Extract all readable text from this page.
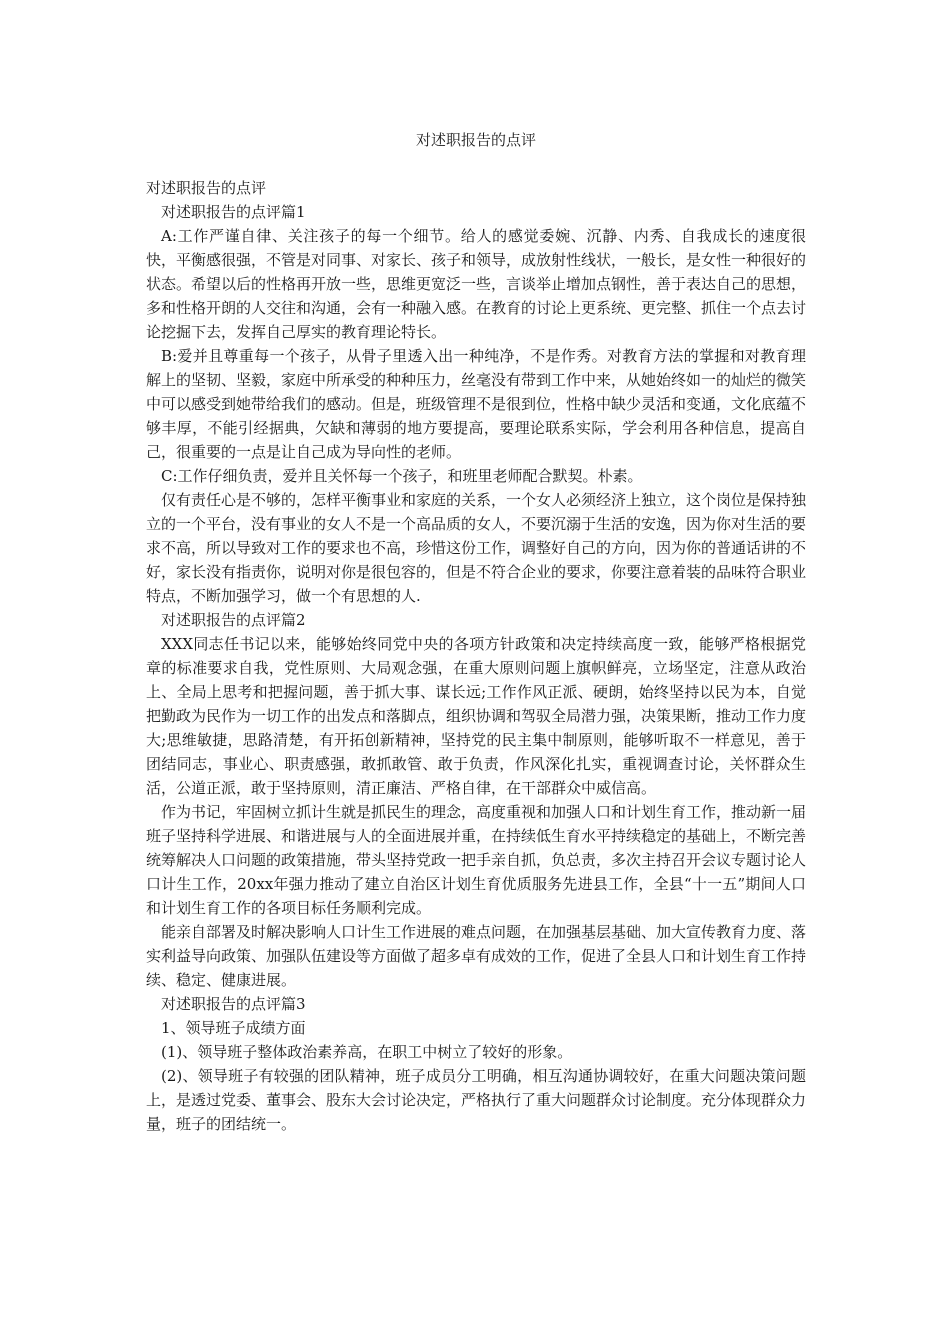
对述职报告的点评

对述职报告的点评

对述职报告的点评篇1

A:工作严谨自律、关注孩子的每一个细节。给人的感觉委婉、沉静、内秀、自我成长的速度很快，平衡感很强，不管是对同事、对家长、孩子和领导，成放射性线状，一般长，是女性一种很好的状态。希望以后的性格再开放一些，思维更宽泛一些，言谈举止增加点钢性，善于表达自己的思想，多和性格开朗的人交往和沟通，会有一种融入感。在教育的讨论上更系统、更完整、抓住一个点去讨论挖掘下去，发挥自己厚实的教育理论特长。

B:爱并且尊重每一个孩子，从骨子里透入出一种纯净，不是作秀。对教育方法的掌握和对教育理解上的坚韧、坚毅，家庭中所承受的种种压力，丝毫没有带到工作中来，从她始终如一的灿烂的微笑中可以感受到她带给我们的感动。但是，班级管理不是很到位，性格中缺少灵活和变通，文化底蕴不够丰厚，不能引经据典，欠缺和薄弱的地方要提高，要理论联系实际，学会利用各种信息，提高自己，很重要的一点是让自己成为导向性的老师。

C:工作仔细负责，爱并且关怀每一个孩子，和班里老师配合默契。朴素。

仅有责任心是不够的，怎样平衡事业和家庭的关系，一个女人必须经济上独立，这个岗位是保持独立的一个平台，没有事业的女人不是一个高品质的女人，不要沉溺于生活的安逸，因为你对生活的要求不高，所以导致对工作的要求也不高，珍惜这份工作，调整好自己的方向，因为你的普通话讲的不好，家长没有指责你，说明对你是很包容的，但是不符合企业的要求，你要注意着装的品味符合职业特点，不断加强学习，做一个有思想的人.

对述职报告的点评篇2

XXX同志任书记以来，能够始终同党中央的各项方针政策和决定持续高度一致，能够严格根据党章的标准要求自我，党性原则、大局观念强，在重大原则问题上旗帜鲜亮，立场坚定，注意从政治上、全局上思考和把握问题，善于抓大事、谋长远;工作作风正派、硬朗，始终坚持以民为本，自觉把勤政为民作为一切工作的出发点和落脚点，组织协调和驾驭全局潜力强，决策果断，推动工作力度大;思维敏捷，思路清楚，有开拓创新精神，坚持党的民主集中制原则，能够听取不一样意见，善于团结同志，事业心、职责感强，敢抓敢管、敢于负责，作风深化扎实，重视调查讨论，关怀群众生活，公道正派，敢于坚持原则，清正廉洁、严格自律，在干部群众中威信高。

作为书记，牢固树立抓计生就是抓民生的理念，高度重视和加强人口和计划生育工作，推动新一届班子坚持科学进展、和谐进展与人的全面进展并重，在持续低生育水平持续稳定的基础上，不断完善统筹解决人口问题的政策措施，带头坚持党政一把手亲自抓，负总责，多次主持召开会议专题讨论人口计生工作，20xx年强力推动了建立自治区计划生育优质服务先进县工作，全县“十一五”期间人口和计划生育工作的各项目标任务顺利完成。

能亲自部署及时解决影响人口计生工作进展的难点问题，在加强基层基础、加大宣传教育力度、落实利益导向政策、加强队伍建设等方面做了超多卓有成效的工作，促进了全县人口和计划生育工作持续、稳定、健康进展。

对述职报告的点评篇3

1、领导班子成绩方面

(1)、领导班子整体政治素养高，在职工中树立了较好的形象。

(2)、领导班子有较强的团队精神，班子成员分工明确，相互沟通协调较好，在重大问题决策问题上，是透过党委、董事会、股东大会讨论决定，严格执行了重大问题群众讨论制度。充分体现群众力量，班子的团结统一。
